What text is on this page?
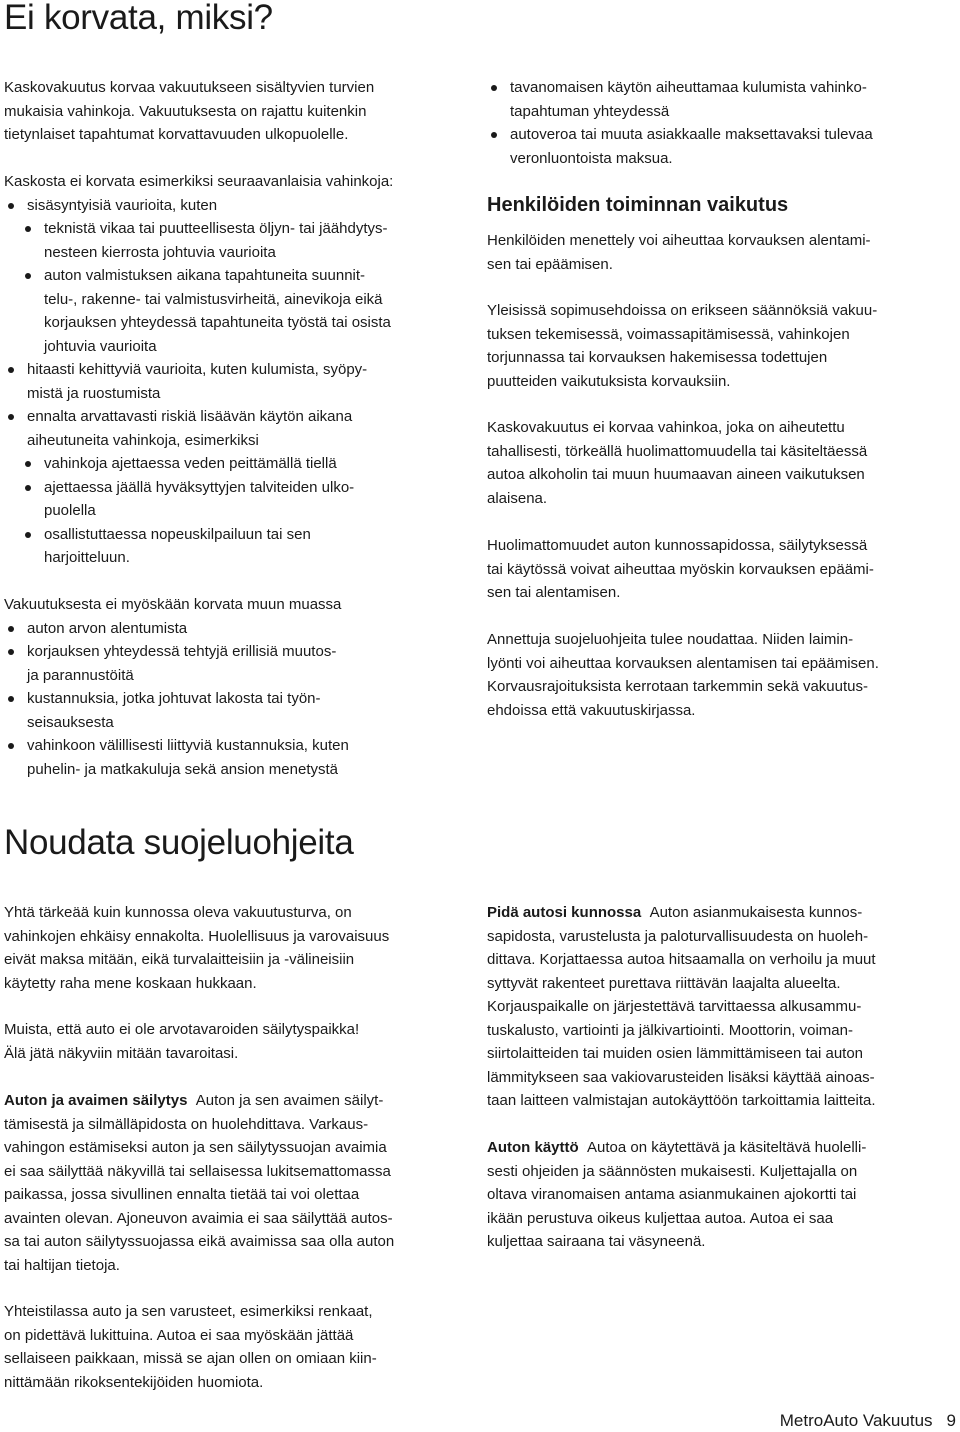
Ei korvata, miksi?

Kaskovakuutus korvaa vakuutukseen sisältyvien turvien

mukaisia vahinkoja. Vakuutuksesta on rajattu kuitenkin

tietynlaiset tapahtumat korvattavuuden ulkopuolelle.

Kaskosta ei korvata esimerkiksi seuraavanlaisia vahinkoja:

sisäsyntyisiä vaurioita, kuten
teknistä vikaa tai puutteellisesta öljyn- tai jäähdytys-
nesteen kierrosta johtuvia vaurioita
auton valmistuksen aikana tapahtuneita suunnit-
telu-, rakenne- tai valmistusvirheitä, ainevikoja eikä
korjauksen yhteydessä tapahtuneita työstä tai osista
johtuvia vaurioita
hitaasti kehittyviä vaurioita, kuten kulumista, syöpy-
mistä ja ruostumista
ennalta arvattavasti riskiä lisäävän käytön aikana
aiheutuneita vahinkoja, esimerkiksi
vahinkoja ajettaessa veden peittämällä tiellä
ajettaessa jäällä hyväksyttyjen talviteiden ulko-
puolella
osallistuttaessa nopeuskilpailuun tai sen
harjoitteluun.

Vakuutuksesta ei myöskään korvata muun muassa

auton arvon alentumista
korjauksen yhteydessä tehtyjä erillisiä muutos-
ja parannustöitä
kustannuksia, jotka johtuvat lakosta tai työn-
seisauksesta
vahinkoon välillisesti liittyviä kustannuksia, kuten
puhelin- ja matkakuluja sekä ansion menetystä
tavanomaisen käytön aiheuttamaa kulumista vahinko-
tapahtuman yhteydessä
autoveroa tai muuta asiakkaalle maksettavaksi tulevaa
veronluontoista maksua.
Henkilöiden toiminnan vaikutus

Henkilöiden menettely voi aiheuttaa korvauksen alentami-

sen tai epäämisen.

Yleisissä sopimusehdoissa on erikseen säännöksiä vakuu-

tuksen tekemisessä, voimassapitämisessä, vahinkojen

torjunnassa tai korvauksen hakemisessa todettujen

puutteiden vaikutuksista korvauksiin.

Kaskovakuutus ei korvaa vahinkoa, joka on aiheutettu

tahallisesti, törkeällä huolimattomuudella tai käsiteltäessä

autoa alkoholin tai muun huumaavan aineen vaikutuksen

alaisena.

Huolimattomuudet auton kunnossapidossa, säilytyksessä

tai käytössä voivat aiheuttaa myöskin korvauksen epäämi-

sen tai alentamisen.

Annettuja suojeluohjeita tulee noudattaa. Niiden laimin-

lyönti voi aiheuttaa korvauksen alentamisen tai epäämisen.

Korvausrajoituksista kerrotaan tarkemmin sekä vakuutus-

ehdoissa että vakuutuskirjassa.

Noudata suojeluohjeita

Yhtä tärkeää kuin kunnossa oleva vakuutusturva, on

vahinkojen ehkäisy ennakolta. Huolellisuus ja varovaisuus

eivät maksa mitään, eikä turvalaitteisiin ja -välineisiin

käytetty raha mene koskaan hukkaan.

Muista, että auto ei ole arvotavaroiden säilytyspaikka!

Älä jätä näkyviin mitään tavaroitasi.

Auton ja avaimen säilytys Auton ja sen avaimen säilyt-

tämisestä ja silmälläpidosta on huolehdittava. Varkaus-

vahingon estämiseksi auton ja sen säilytyssuojan avaimia

ei saa säilyttää näkyvillä tai sellaisessa lukitsemattomassa

paikassa, jossa sivullinen ennalta tietää tai voi olettaa

avainten olevan. Ajoneuvon avaimia ei saa säilyttää autos-

sa tai auton säilytyssuojassa eikä avaimissa saa olla auton

tai haltijan tietoja.

Yhteistilassa auto ja sen varusteet, esimerkiksi renkaat,

on pidettävä lukittuina. Autoa ei saa myöskään jättää

sellaiseen paikkaan, missä se ajan ollen on omiaan kiin-

nittämään rikoksentekijöiden huomiota.

Pidä autosi kunnossa Auton asianmukaisesta kunnos-

sapidosta, varustelusta ja paloturvallisuudesta on huoleh-

dittava. Korjattaessa autoa hitsaamalla on verhoilu ja muut

syttyvät rakenteet purettava riittävän laajalta alueelta.

Korjauspaikalle on järjestettävä tarvittaessa alkusammu-

tuskalusto, vartiointi ja jälkivartiointi. Moottorin, voiman-

siirtolaitteiden tai muiden osien lämmittämiseen tai auton

lämmitykseen saa vakiovarusteiden lisäksi käyttää ainoas-

taan laitteen valmistajan autokäyttöön tarkoittamia laitteita.

Auton käyttö Autoa on käytettävä ja käsiteltävä huolelli-

sesti ohjeiden ja säännösten mukaisesti. Kuljettajalla on

oltava viranomaisen antama asianmukainen ajokortti tai

ikään perustuva oikeus kuljettaa autoa. Autoa ei saa

kuljettaa sairaana tai väsyneenä.

MetroAuto Vakuutus 9
